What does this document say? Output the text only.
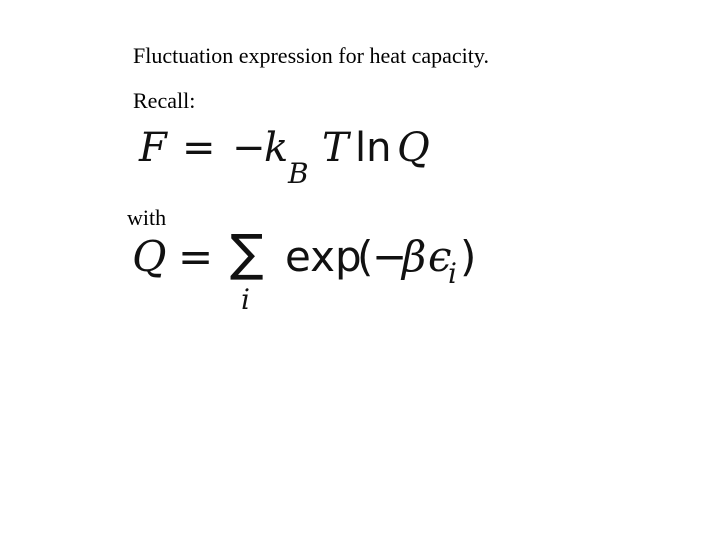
Fluctuation expression for heat capacity.
Recall:
F = −
k
B
T ln Q
with
Q = ∑
i
exp
(
−
β ϵ
i )
